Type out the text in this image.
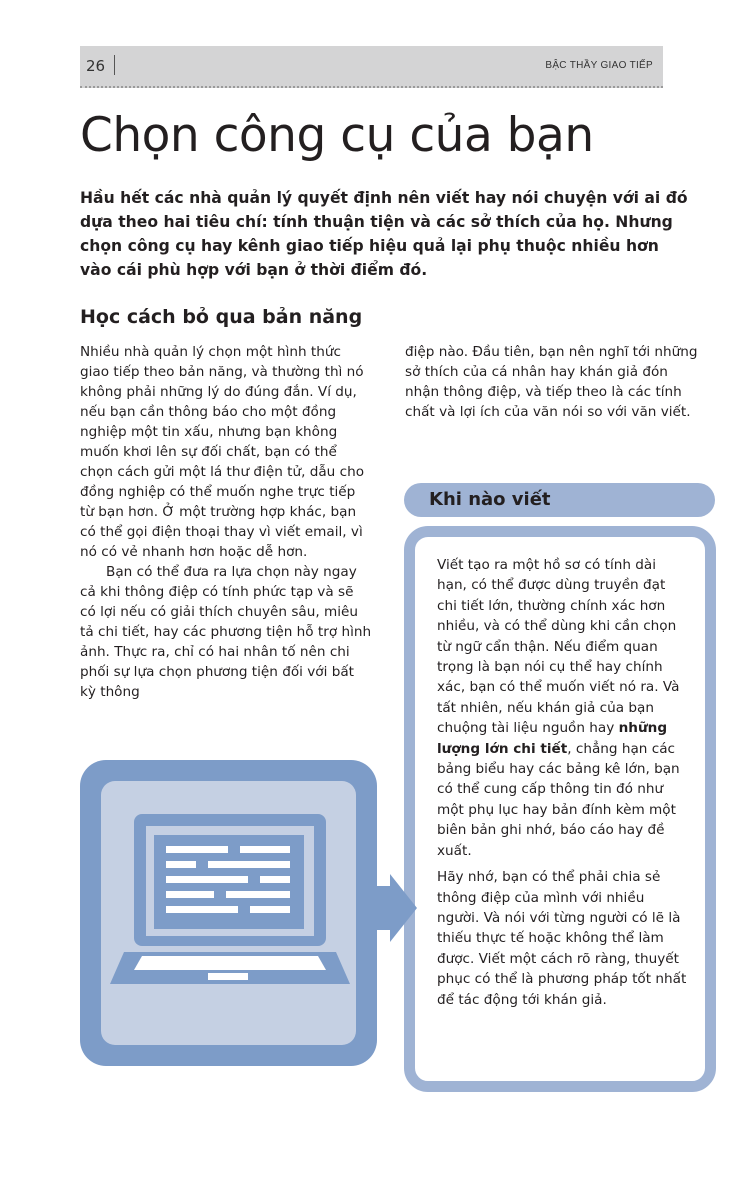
26	BẬC THẦY GIAO TIẾP
Chọn công cụ của bạn

Hầu hết các nhà quản lý quyết định nên viết hay nói chuyện với ai đó dựa theo hai tiêu chí: tính thuận tiện và các sở thích của họ. Nhưng chọn công cụ hay kênh giao tiếp hiệu quả lại phụ thuộc nhiều hơn vào cái phù hợp với bạn ở thời điểm đó.

Học cách bỏ qua bản năng

Nhiều nhà quản lý chọn một hình thức giao tiếp theo bản năng, và thường thì nó không phải những lý do đúng đắn. Ví dụ, nếu bạn cần thông báo cho một đồng nghiệp một tin xấu, nhưng bạn không muốn khơi lên sự đối chất, bạn có thể chọn cách gửi một lá thư điện tử, dẫu cho đồng nghiệp có thể muốn nghe trực tiếp từ bạn hơn. Ở một trường hợp khác, bạn có thể gọi điện thoại thay vì viết email, vì nó có vẻ nhanh hơn hoặc dễ hơn.

Bạn có thể đưa ra lựa chọn này ngay cả khi thông điệp có tính phức tạp và sẽ có lợi nếu có giải thích chuyên sâu, miêu tả chi tiết, hay các phương tiện hỗ trợ hình ảnh. Thực ra, chỉ có hai nhân tố nên chi phối sự lựa chọn phương tiện đối với bất kỳ thông

điệp nào. Đầu tiên, bạn nên nghĩ tới những sở thích của cá nhân hay khán giả đón nhận thông điệp, và tiếp theo là các tính chất và lợi ích của văn nói so với văn viết.

Khi nào viết

Viết tạo ra một hồ sơ có tính dài hạn, có thể được dùng truyền đạt chi tiết lớn, thường chính xác hơn nhiều, và có thể dùng khi cần chọn từ ngữ cẩn thận. Nếu điểm quan trọng là bạn nói cụ thể hay chính xác, bạn có thể muốn viết nó ra. Và tất nhiên, nếu khán giả của bạn chuộng tài liệu nguồn hay những lượng lớn chi tiết, chẳng hạn các bảng biểu hay các bảng kê lớn, bạn có thể cung cấp thông tin đó như một phụ lục hay bản đính kèm một biên bản ghi nhớ, báo cáo hay đề xuất.

Hãy nhớ, bạn có thể phải chia sẻ thông điệp của mình với nhiều người. Và nói với từng người có lẽ là thiếu thực tế hoặc không thể làm được. Viết một cách rõ ràng, thuyết phục có thể là phương pháp tốt nhất để tác động tới khán giả.
